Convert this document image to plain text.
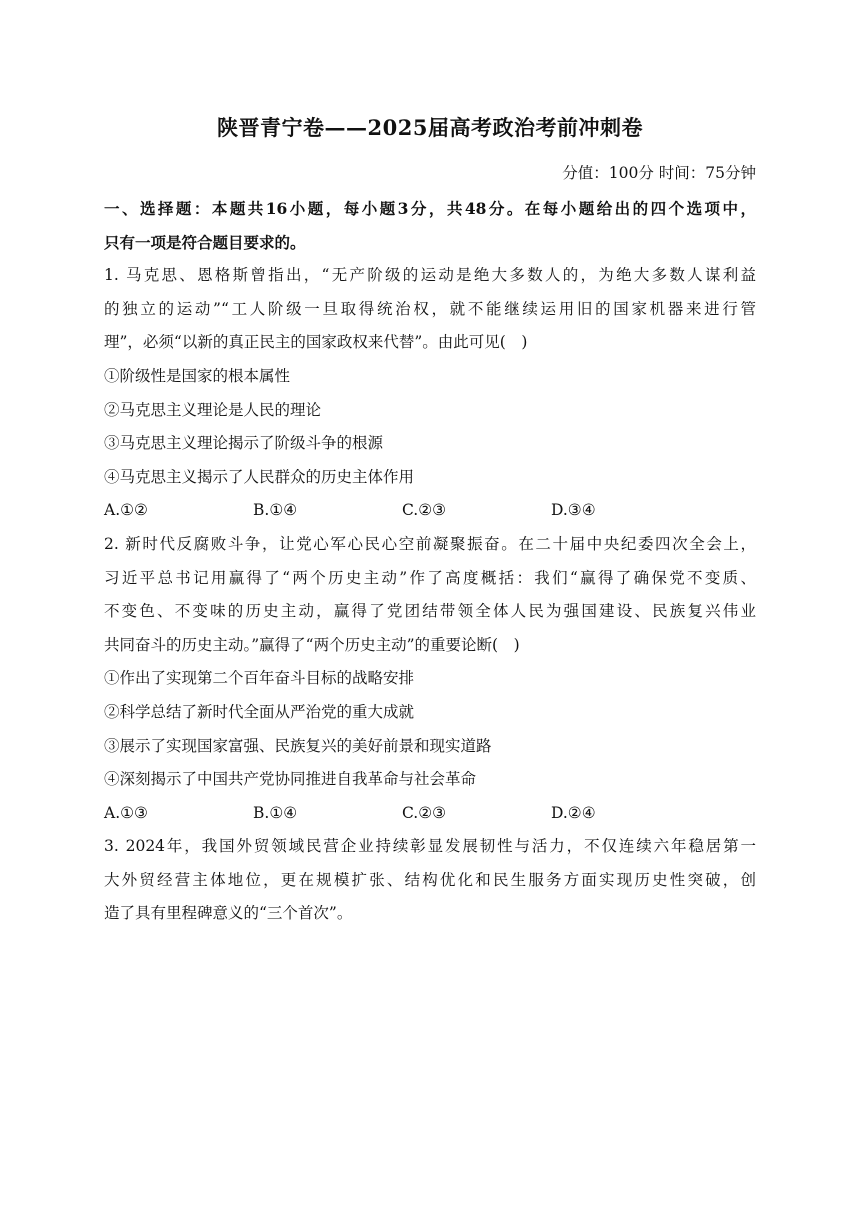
陕晋青宁卷——2025届高考政治考前冲刺卷
分值：100分 时间：75分钟
一、选择题：本题共16小题，每小题3分，共48分。在每小题给出的四个选项中，
只有一项是符合题目要求的。
1. 马克思、恩格斯曾指出，“无产阶级的运动是绝大多数人的，为绝大多数人谋利益
的独立的运动”“工人阶级一旦取得统治权，就不能继续运用旧的国家机器来进行管
理”，必须“以新的真正民主的国家政权来代替”。由此可见(　)
①阶级性是国家的根本属性
②马克思主义理论是人民的理论
③马克思主义理论揭示了阶级斗争的根源
④马克思主义揭示了人民群众的历史主体作用
A.①②	B.①④	C.②③	D.③④
2. 新时代反腐败斗争，让党心军心民心空前凝聚振奋。在二十届中央纪委四次全会上，
习近平总书记用赢得了“两个历史主动”作了高度概括：我们“赢得了确保党不变质、
不变色、不变味的历史主动，赢得了党团结带领全体人民为强国建设、民族复兴伟业
共同奋斗的历史主动。”赢得了“两个历史主动”的重要论断(　)
①作出了实现第二个百年奋斗目标的战略安排
②科学总结了新时代全面从严治党的重大成就
③展示了实现国家富强、民族复兴的美好前景和现实道路
④深刻揭示了中国共产党协同推进自我革命与社会革命
A.①③	B.①④	C.②③	D.②④
3. 2024年，我国外贸领域民营企业持续彰显发展韧性与活力，不仅连续六年稳居第一
大外贸经营主体地位，更在规模扩张、结构优化和民生服务方面实现历史性突破，创
造了具有里程碑意义的“三个首次”。
